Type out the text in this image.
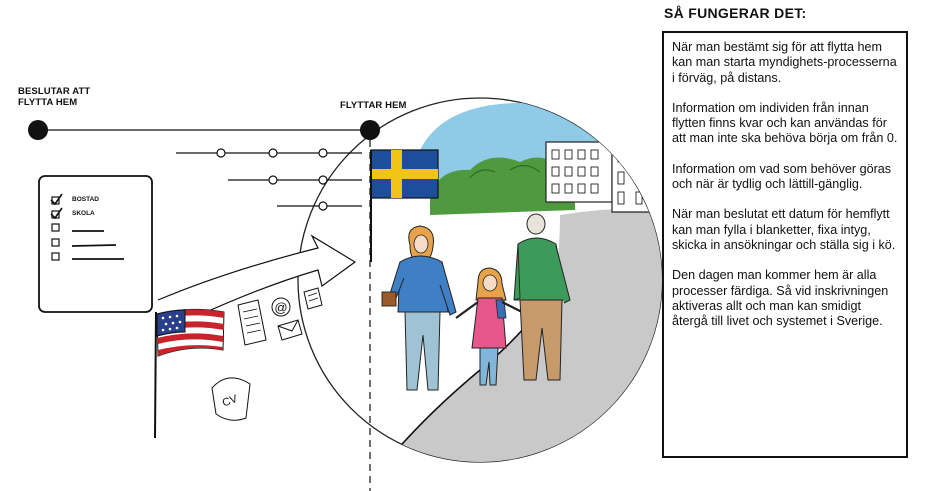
@
CV
BESLUTAR ATT
FLYTTA HEM	FLYTTAR HEM
BOSTAD
SKOLA
SÅ FUNGERAR DET:

När man bestämt sig för att flytta hem kan man starta myndighets-processerna i förväg, på distans.

Information om individen från innan flytten finns kvar och kan användas för att man inte ska behöva börja om från 0.

Information om vad som behöver göras och när är tydlig och lättill-gänglig.

När man beslutat ett datum för hemflytt kan man fylla i blanketter, fixa intyg, skicka in ansökningar och ställa sig i kö.

Den dagen man kommer hem är alla processer färdiga. Så vid inskrivningen aktiveras allt och man kan smidigt återgå till livet och systemet i Sverige.
